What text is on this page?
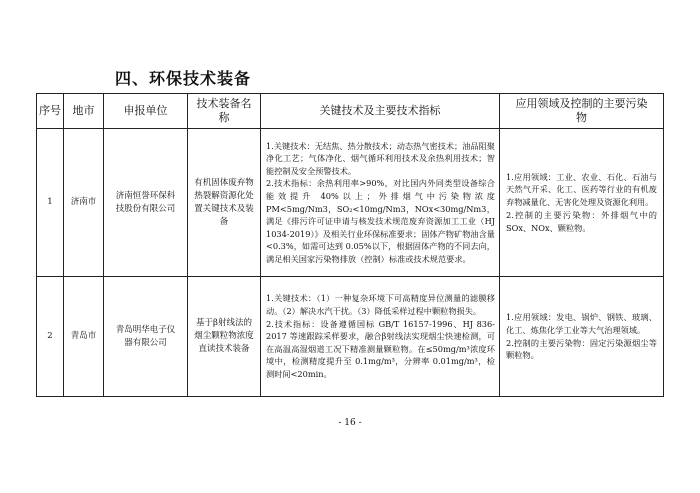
四、环保技术装备
序号	地市	申报单位	技术装备名称	关键技术及主要技术指标	应用领域及控制的主要污染物
1	济南市	济南恒誉环保科技股份有限公司	有机固体废弃物热裂解资源化处置关键技术及装备	1.关键技术：无结焦、热分散技术；动态热气密技术；油品阻聚净化工艺；气体净化、烟气循环利用技术及余热利用技术；智能控制及安全预警技术。
2.技术指标：余热利用率>90%，对比国内外同类型设备综合能效提升 40%以上；外排烟气中污染物浓度PM<5mg/Nm3，SO₂<10mg/Nm3，NOx<30mg/Nm3，满足《排污许可证申请与核发技术规范废弃资源加工工业（HJ 1034-2019）》及相关行业环保标准要求；固体产物矿物油含量<0.3%，如需可达到 0.05%以下，根据固体产物的不同去向，满足相关国家污染物排放（控制）标准或技术规范要求。	1.应用领域：工业、农业、石化、石油与天然气开采、化工、医药等行业的有机废弃物减量化、无害化处理及资源化利用。
2.控制的主要污染物：外排烟气中的 SOx、NOx、颗粒物。

2	青岛市	青岛明华电子仪器有限公司	基于β射线法的烟尘颗粒物浓度直读技术装备	1.关键技术：（1）一种复杂环境下可高精度异位测量的滤膜移动。（2）解决水汽干扰。（3）降低采样过程中颗粒物损失。
2.技术指标：设备遵循国标 GB/T 16157-1996、HJ 836-2017 等速跟踪采样要求，融合β射线法实现烟尘快速检测，可在高温高湿烟道工况下精准测量颗粒物。在≤50mg/m³浓度环境中，检测精度提升至 0.1mg/m³，分辨率 0.01mg/m³，检测时间<20min。	1.应用领域：发电、锅炉、钢铁、玻璃、化工、炼焦化学工业等大气治理领域。
2.控制的主要污染物：固定污染源烟尘等颗粒物。
- 16 -
